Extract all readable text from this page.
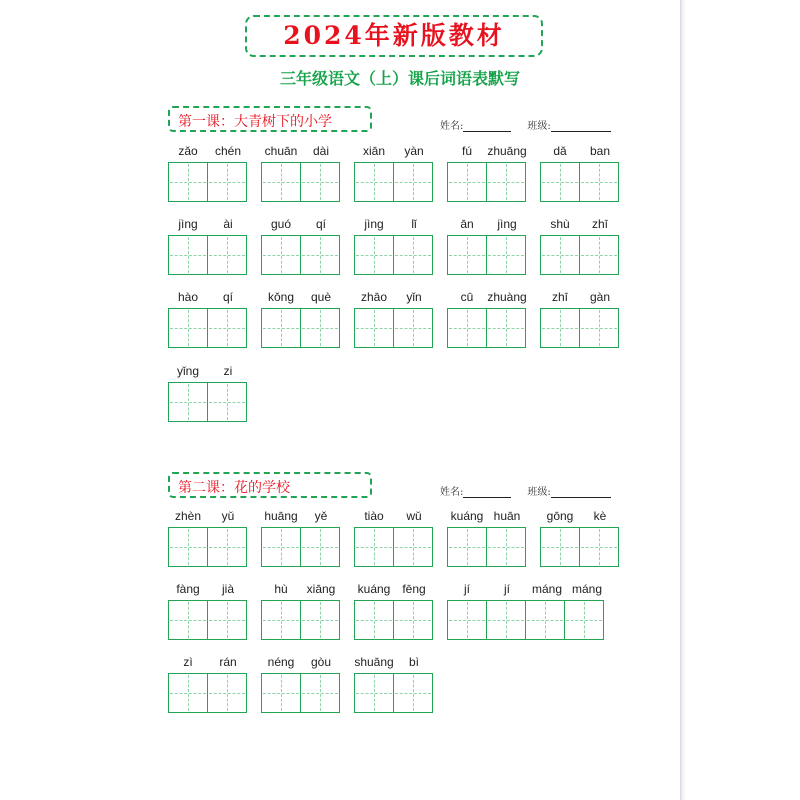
2024年新版教材
三年级语文（上）课后词语表默写
第一课：大青树下的小学	姓名:	班级:
第二课：花的学校	姓名:	班级:
zǎo	chén	chuān	dài	xiān	yàn	fú	zhuāng	dǎ	ban
jìng	ài	guó	qí	jìng	lǐ	ān	jìng	shù	zhī
hào	qí	kǒng	què	zhāo	yǐn	cū	zhuàng	zhī	gàn
yǐng	zi
zhèn	yǔ	huāng	yě	tiào	wǔ	kuáng huān	gōng	kè
fàng	jià	hù	xiāng	kuáng fēng	jí	jí	máng máng
zì	rán	néng	gòu	shuāng	bì
